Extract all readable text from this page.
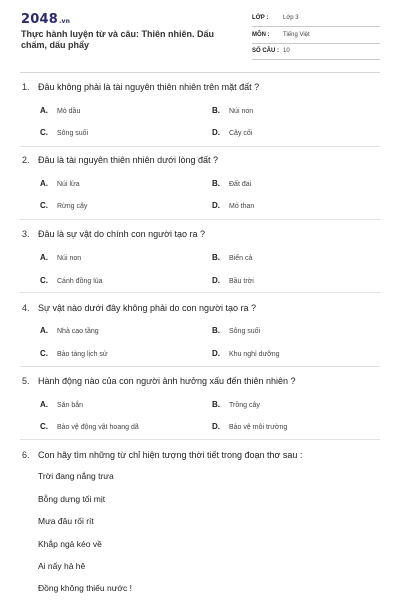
2048.vn
Thực hành luyện từ và câu: Thiên nhiên. Dấu chấm, dấu phẩy
LỚP : Lớp 3
MÔN : Tiếng Việt
SỐ CÂU : 10
1. Đâu không phải là tài nguyên thiên nhiên trên mặt đất ?
A. Mỏ dầu	B. Núi non
C. Sông suối	D. Cây cối
2. Đâu là tài nguyên thiên nhiên dưới lòng đất ?
A. Núi lửa	B. Đất đai
C. Rừng cây	D. Mỏ than
3. Đâu là sự vật do chính con người tạo ra ?
A. Núi non	B. Biển cả
C. Cánh đồng lúa	D. Bầu trời
4. Sự vật nào dưới đây không phải do con người tạo ra ?
A. Nhà cao tầng	B. Sông suối
C. Bảo tàng lịch sử	D. Khu nghỉ dưỡng
5. Hành động nào của con người ảnh hưởng xấu đến thiên nhiên ?
A. Săn bắn	B. Trồng cây
C. Bảo vệ động vật hoang dã	D. Bảo vệ môi trường
6. Con hãy tìm những từ chỉ hiện tượng thời tiết trong đoạn thơ sau :
Trời đang nắng trưa
Bỗng dưng tối mịt
Mưa đâu rối rít
Khắp ngả kéo về
Ai nấy hả hê
Đồng không thiếu nước !
